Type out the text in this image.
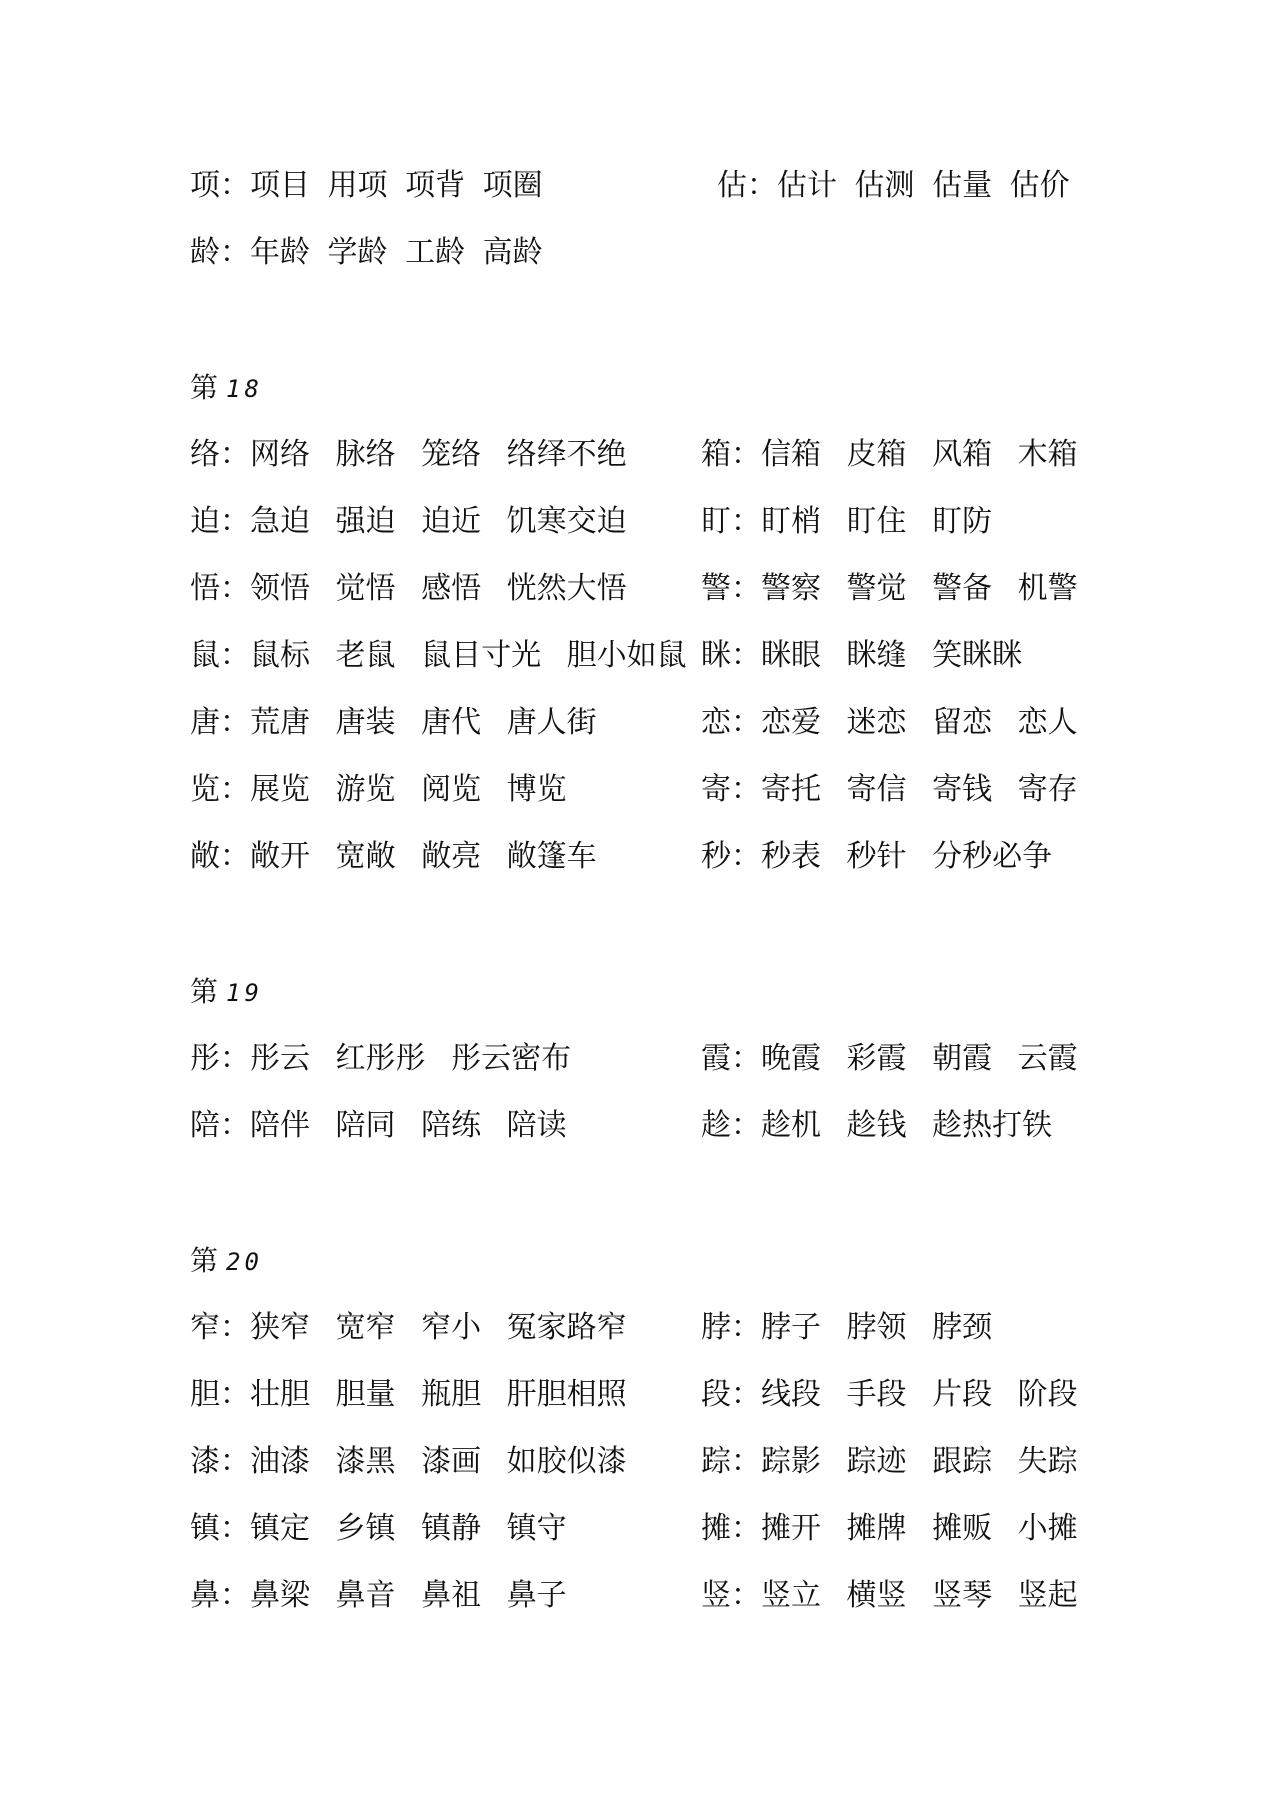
项：项目 用项 项背 项圈	估：估计 估测 估量 估价
龄：年龄 学龄 工龄 高龄
第 18
络：网络 脉络 笼络 络绎不绝 箱：信箱 皮箱 风箱 木箱
迫：急迫 强迫 迫近 饥寒交迫 盯：盯梢 盯住 盯防
悟：领悟 觉悟 感悟 恍然大悟 警：警察 警觉 警备 机警
鼠：鼠标 老鼠 鼠目寸光 胆小如鼠 眯：眯眼 眯缝 笑眯眯
唐：荒唐 唐装 唐代 唐人街	恋：恋爱 迷恋 留恋 恋人
览：展览 游览 阅览 博览	寄：寄托 寄信 寄钱 寄存
敞：敞开 宽敞 敞亮 敞篷车	秒：秒表 秒针 分秒必争
第 19
彤：彤云 红彤彤 彤云密布	霞：晚霞 彩霞 朝霞 云霞
陪：陪伴 陪同 陪练 陪读	趁：趁机 趁钱 趁热打铁
第 20
窄：狭窄 宽窄 窄小 冤家路窄 脖：脖子 脖领 脖颈
胆：壮胆 胆量 瓶胆 肝胆相照 段：线段 手段 片段 阶段
漆：油漆 漆黑 漆画 如胶似漆 踪：踪影 踪迹 跟踪 失踪
镇：镇定 乡镇 镇静 镇守	摊：摊开 摊牌 摊贩 小摊
鼻：鼻梁 鼻音 鼻祖 鼻子	竖：竖立 横竖 竖琴 竖起
